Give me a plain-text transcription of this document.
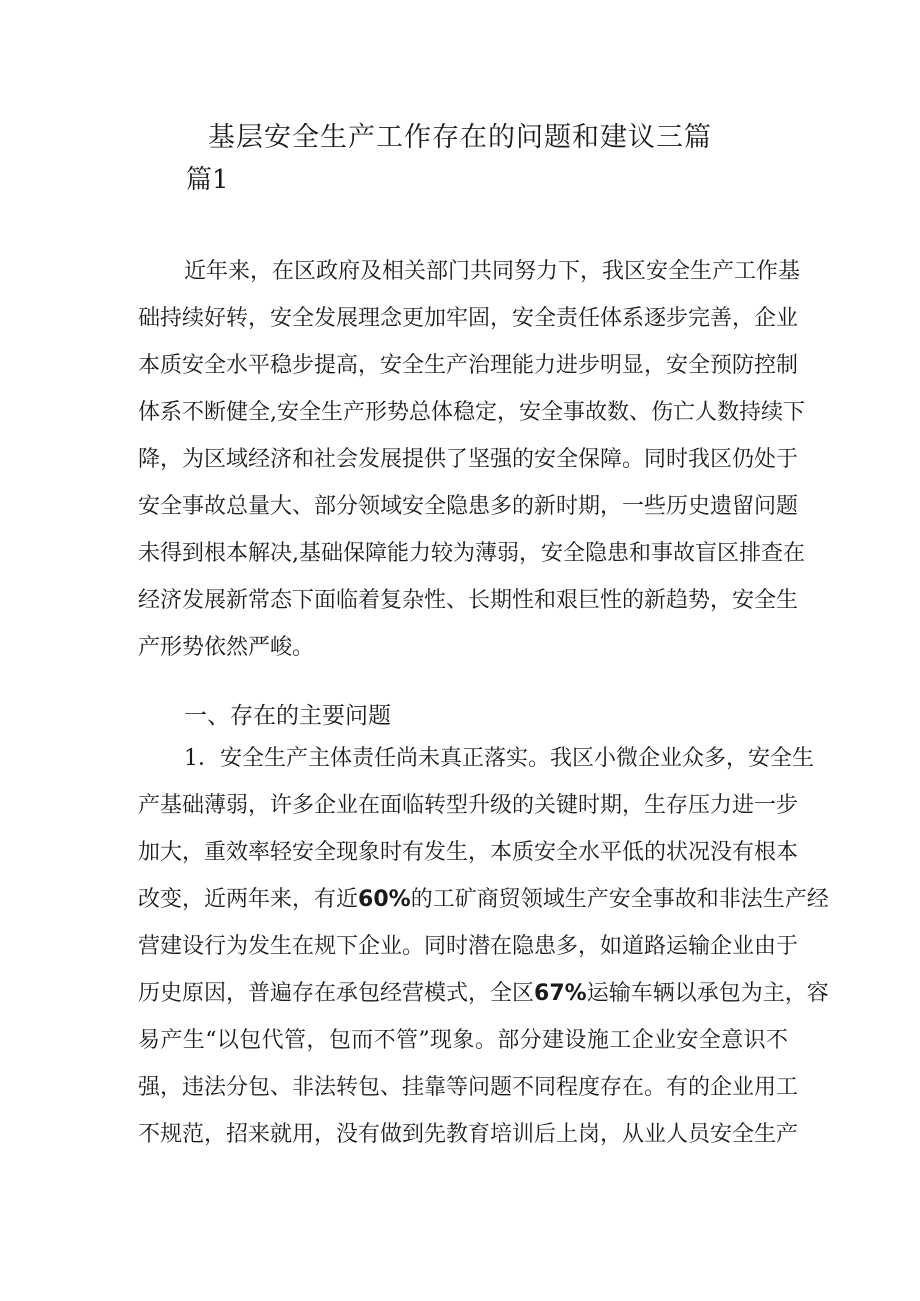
基层安全生产工作存在的问题和建议三篇
篇1
近年来，在区政府及相关部门共同努力下，我区安全生产工作基
础持续好转，安全发展理念更加牢固，安全责任体系逐步完善，企业
本质安全水平稳步提高，安全生产治理能力进步明显，安全预防控制
体系不断健全,安全生产形势总体稳定，安全事故数、伤亡人数持续下
降，为区域经济和社会发展提供了坚强的安全保障。同时我区仍处于
安全事故总量大、部分领域安全隐患多的新时期，一些历史遗留问题
未得到根本解决,基础保障能力较为薄弱，安全隐患和事故盲区排查在
经济发展新常态下面临着复杂性、长期性和艰巨性的新趋势，安全生
产形势依然严峻。
一、存在的主要问题
1．安全生产主体责任尚未真正落实。我区小微企业众多，安全生
产基础薄弱，许多企业在面临转型升级的关键时期，生存压力进一步
加大，重效率轻安全现象时有发生，本质安全水平低的状况没有根本
改变，近两年来，有近60%的工矿商贸领域生产安全事故和非法生产经
营建设行为发生在规下企业。同时潜在隐患多，如道路运输企业由于
历史原因，普遍存在承包经营模式，全区67%运输车辆以承包为主，容
易产生“以包代管，包而不管”现象。部分建设施工企业安全意识不
强，违法分包、非法转包、挂靠等问题不同程度存在。有的企业用工
不规范，招来就用，没有做到先教育培训后上岗，从业人员安全生产
